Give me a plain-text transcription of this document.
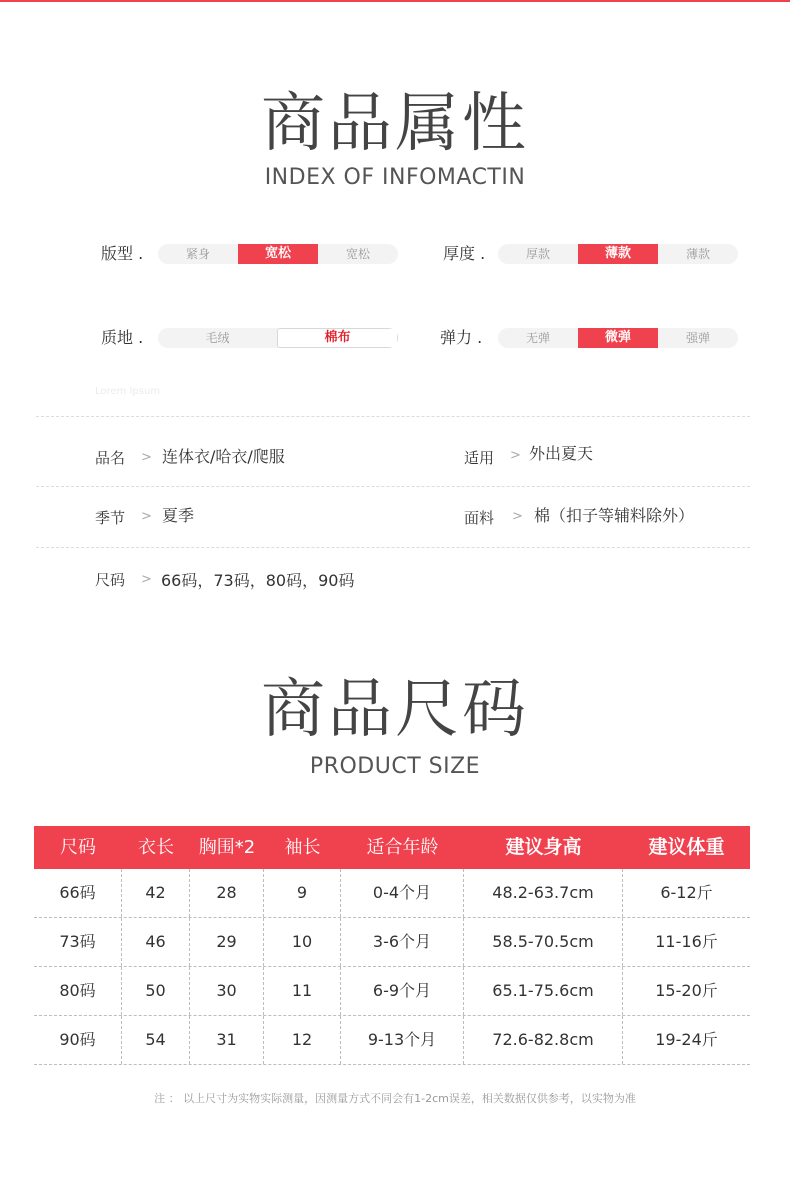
商品属性
INDEX OF INFOMACTIN
版型 .	紧身	宽松	宽松	厚度 .	厚款	薄款	薄款
质地 .	毛绒	棉布	弹力 .	无弹	微弹	强弹
Lorem Ipsum
品名 > 连体衣/哈衣/爬服	适用 > 外出夏天
季节 > 夏季	面料 > 棉（扣子等辅料除外）
尺码 > 66码，73码，80码，90码
商品尺码
PRODUCT SIZE
尺码	衣长	胸围*2	袖长	适合年龄	建议身高	建议体重
66码	42	28	9	0-4个月	48.2-63.7cm	6-12斤
73码	46	29	10	3-6个月	58.5-70.5cm	11-16斤
80码	50	30	11	6-9个月	65.1-75.6cm	15-20斤
90码	54	31	12	9-13个月	72.6-82.8cm	19-24斤
注 ： 以上尺寸为实物实际测量，因测量方式不同会有1-2cm误差，相关数据仅供参考，以实物为准
